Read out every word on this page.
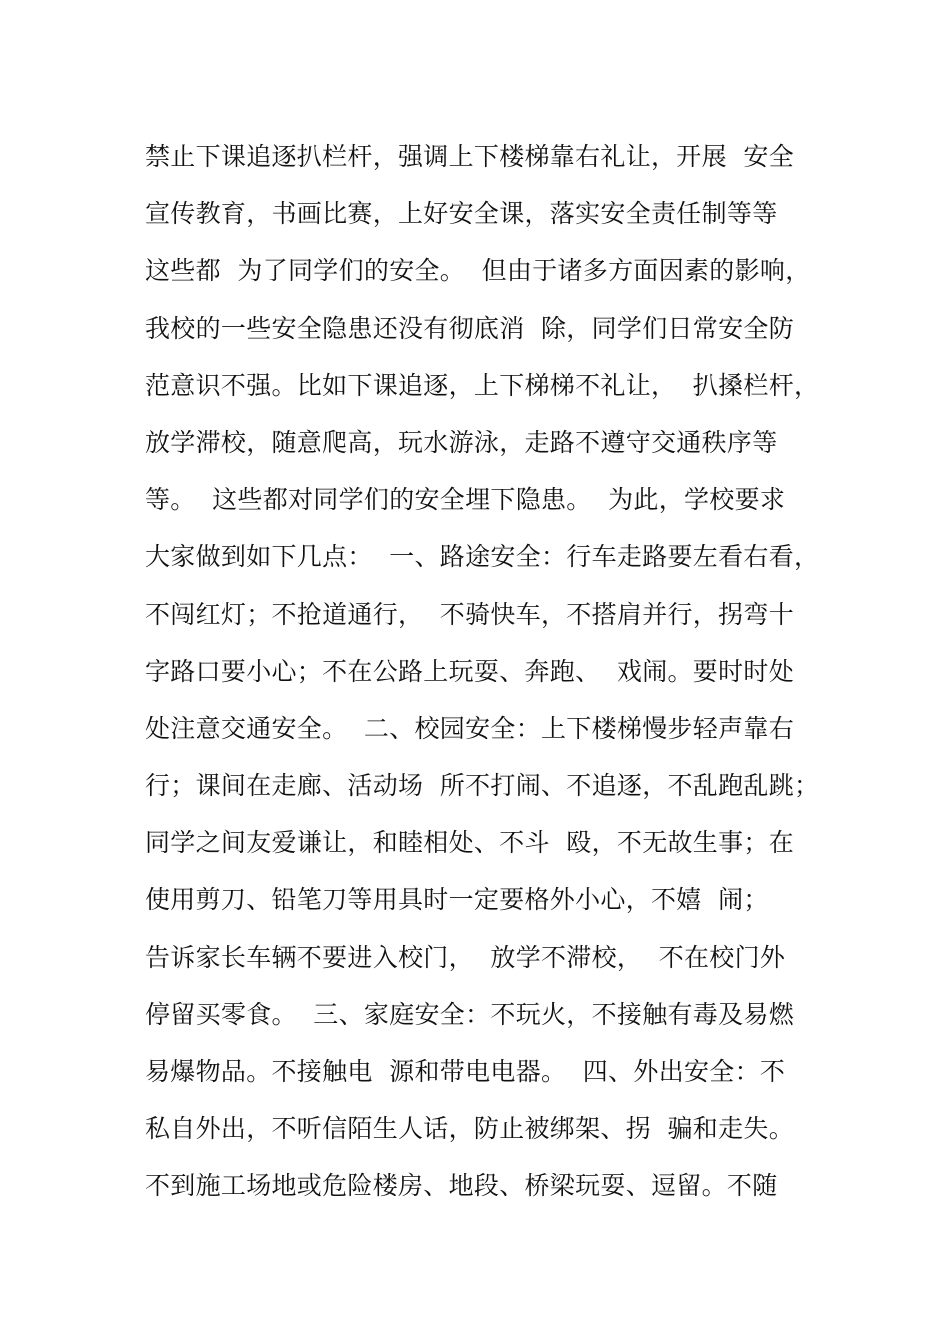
禁止下课追逐扒栏杆，强调上下楼梯靠右礼让，开展  安全
宣传教育，书画比赛，上好安全课，落实安全责任制等等
这些都  为了同学们的安全。  但由于诸多方面因素的影响，
我校的一些安全隐患还没有彻底消  除，同学们日常安全防
范意识不强。比如下课追逐，上下梯梯不礼让，  扒搡栏杆，
放学滞校，随意爬高，玩水游泳，走路不遵守交通秩序等
等。  这些都对同学们的安全埋下隐患。  为此，学校要求
大家做到如下几点：  一、路途安全：行车走路要左看右看，
不闯红灯；不抢道通行，  不骑快车，不搭肩并行，拐弯十
字路口要小心；不在公路上玩耍、奔跑、  戏闹。要时时处
处注意交通安全。  二、校园安全：上下楼梯慢步轻声靠右
行；课间在走廊、活动场  所不打闹、不追逐，不乱跑乱跳；
同学之间友爱谦让，和睦相处、不斗  殴，不无故生事；在
使用剪刀、铅笔刀等用具时一定要格外小心，不嬉  闹；
告诉家长车辆不要进入校门，  放学不滞校，  不在校门外
停留买零食。  三、家庭安全：不玩火，不接触有毒及易燃
易爆物品。不接触电  源和带电电器。  四、外出安全：不
私自外出，不听信陌生人话，防止被绑架、拐  骗和走失。
不到施工场地或危险楼房、地段、桥梁玩耍、逗留。不随
